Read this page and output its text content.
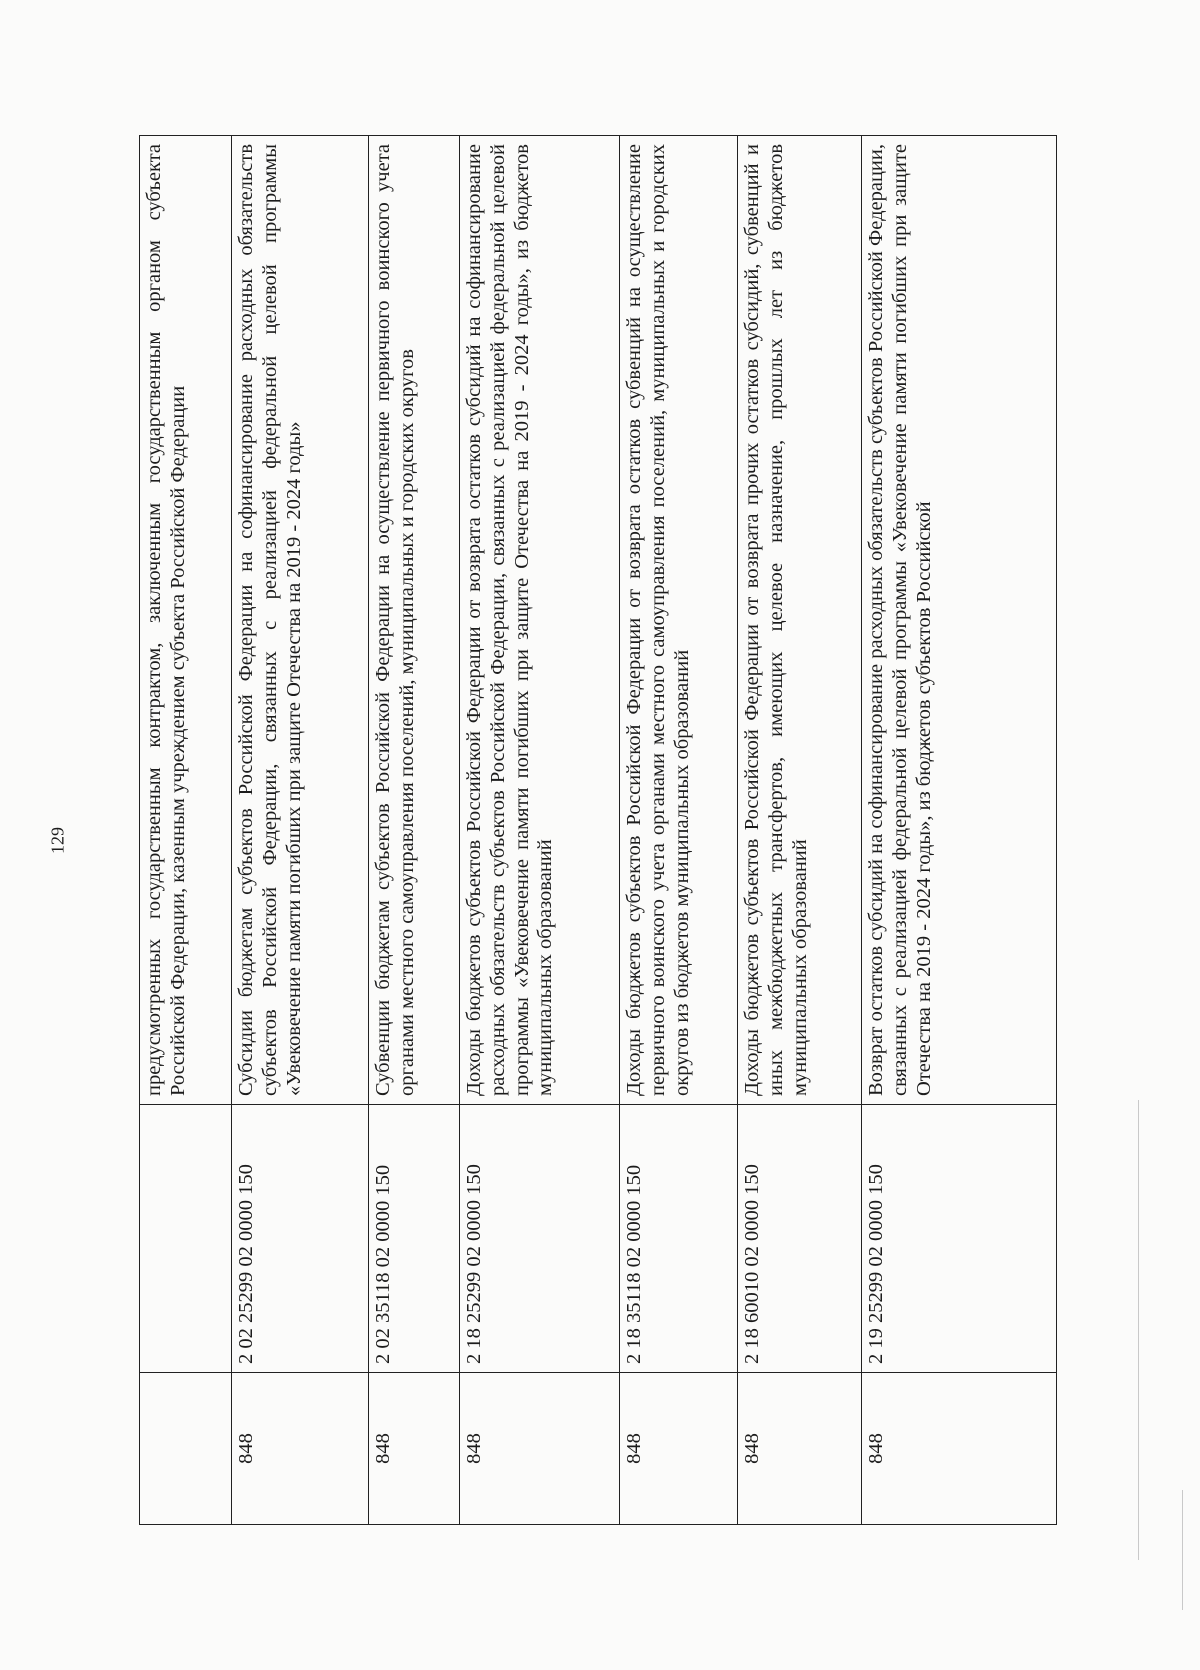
129
			предусмотренных государственным контрактом, заключенным государственным органом субъекта Российской Федерации, казенным учреждением субъекта Российской Федерации
848	2 02 25299 02 0000 150	Субсидии бюджетам субъектов Российской Федерации на софинансирование расходных обязательств субъектов Российской Федерации, связанных с реализацией федеральной целевой программы «Увековечение памяти погибших при защите Отечества на 2019 - 2024 годы»
848	2 02 35118 02 0000 150	Субвенции бюджетам субъектов Российской Федерации на осуществление первичного воинского учета органами местного самоуправления поселений, муниципальных и городских округов
848	2 18 25299 02 0000 150	Доходы бюджетов субъектов Российской Федерации от возврата остатков субсидий на софинансирование расходных обязательств субъектов Российской Федерации, связанных с реализацией федеральной целевой программы «Увековечение памяти погибших при защите Отечества на 2019 - 2024 годы», из бюджетов муниципальных образований
848	2 18 35118 02 0000 150	Доходы бюджетов субъектов Российской Федерации от возврата остатков субвенций на осуществление первичного воинского учета органами местного самоуправления поселений, муниципальных и городских округов из бюджетов муниципальных образований
848	2 18 60010 02 0000 150	Доходы бюджетов субъектов Российской Федерации от возврата прочих остатков субсидий, субвенций и иных межбюджетных трансфертов, имеющих целевое назначение, прошлых лет из бюджетов муниципальных образований
848	2 19 25299 02 0000 150	Возврат остатков субсидий на софинансирование расходных обязательств субъектов Российской Федерации, связанных с реализацией федеральной целевой программы «Увековечение памяти погибших при защите Отечества на 2019 - 2024 годы», из бюджетов субъектов Российской
